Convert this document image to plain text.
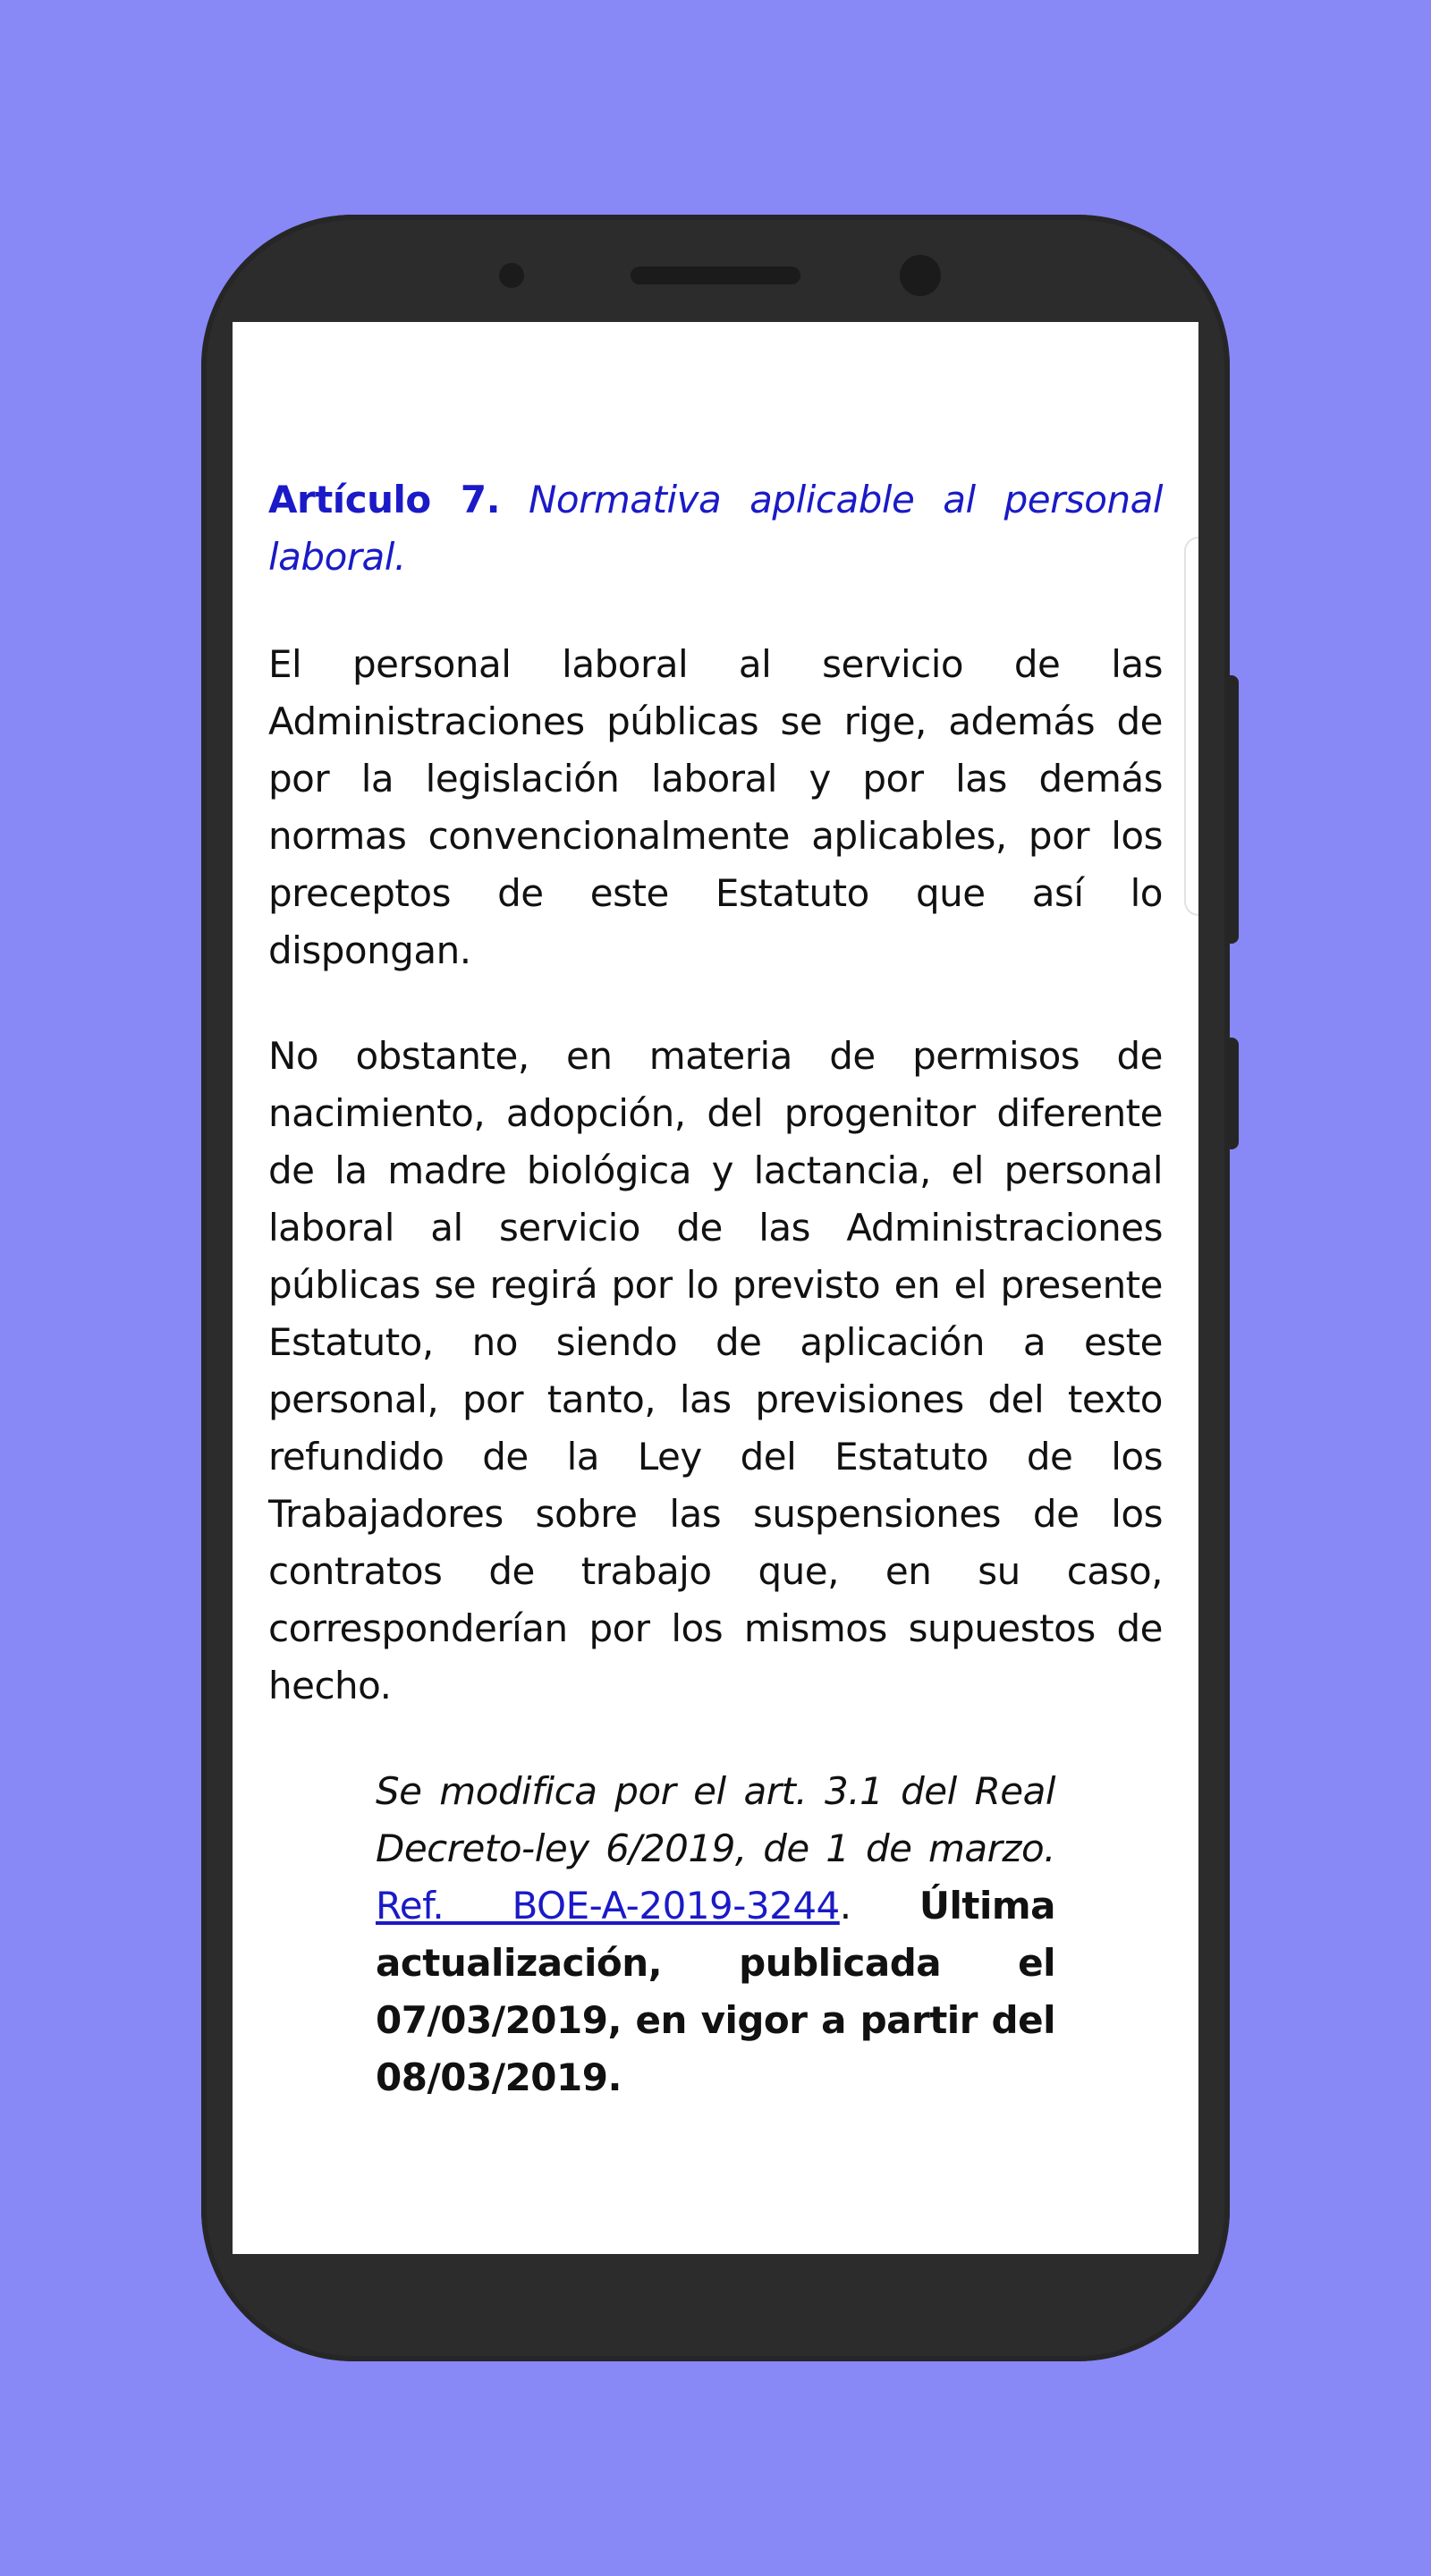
Artículo 7. Normativa aplicable al personal laboral.

El personal laboral al servicio de las Administraciones públicas se rige, además de por la legislación laboral y por las demás normas convencionalmente aplicables, por los preceptos de este Estatuto que así lo dispongan.

No obstante, en materia de permisos de nacimiento, adopción, del progenitor diferente de la madre biológica y lactancia, el personal laboral al servicio de las Administraciones públicas se regirá por lo previsto en el presente Estatuto, no siendo de aplicación a este personal, por tanto, las previsiones del texto refundido de la Ley del Estatuto de los Trabajadores sobre las suspensiones de los contratos de trabajo que, en su caso, corresponderían por los mismos supuestos de hecho.

Se modifica por el art. 3.1 del Real Decreto-ley 6/2019, de 1 de marzo. Ref. BOE-A-2019-3244. Última actualización, publicada el 07/03/2019, en vigor a partir del 08/03/2019.
